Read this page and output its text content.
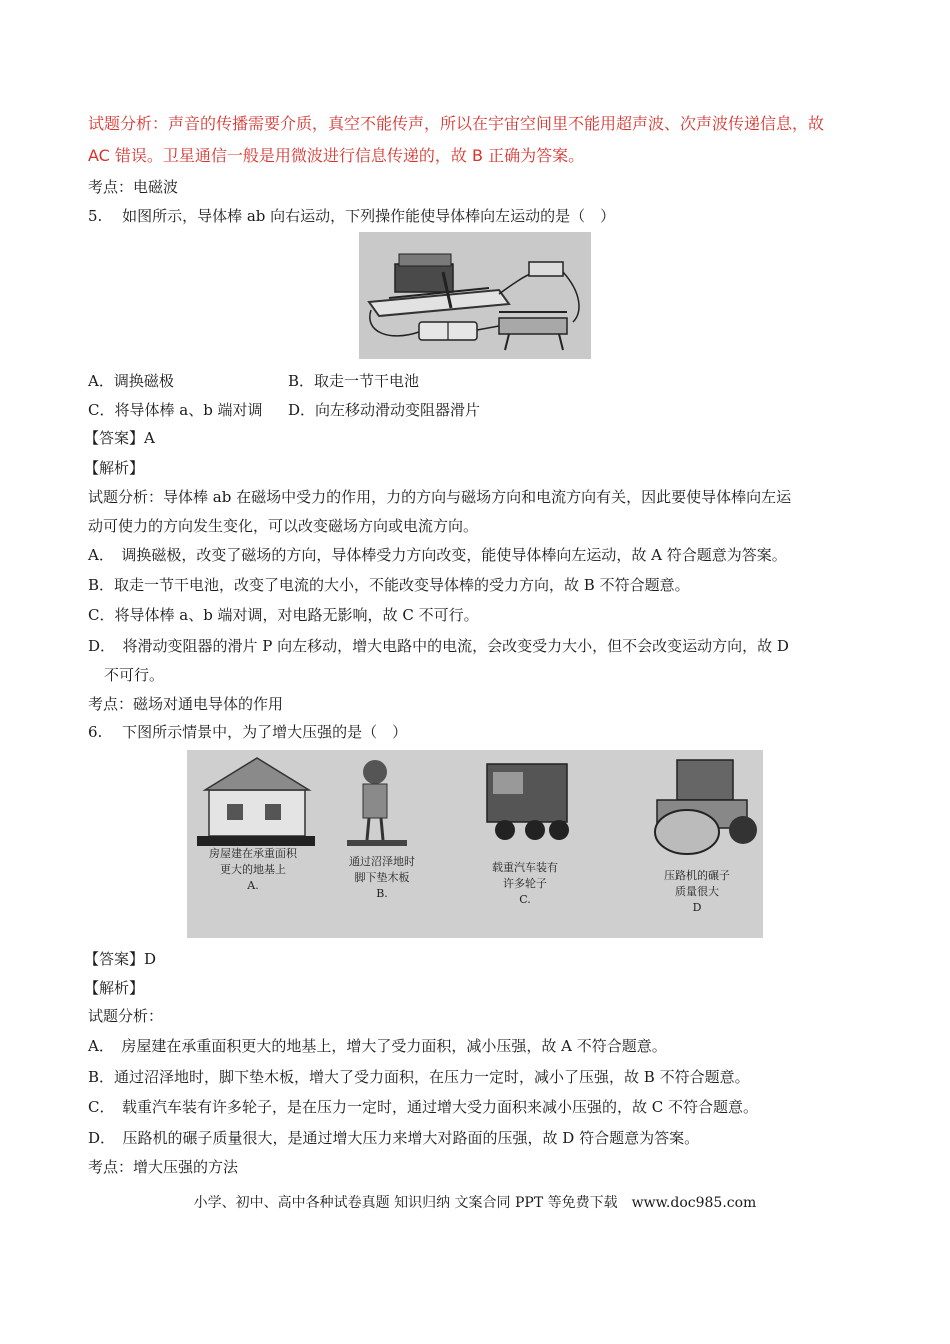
试题分析：声音的传播需要介质，真空不能传声，所以在宇宙空间里不能用超声波、次声波传递信息，故
AC 错误。卫星通信一般是用微波进行信息传递的，故 B 正确为答案。
考点：电磁波
5.　 如图所示，导体棒 ab 向右运动，下列操作能使导体棒向左运动的是（　）
A．调换磁极	B．取走一节干电池
C．将导体棒 a、b 端对调 D．向左移动滑动变阻器滑片
【答案】A
【解析】
试题分析：导体棒 ab 在磁场中受力的作用，力的方向与磁场方向和电流方向有关，因此要使导体棒向左运
动可使力的方向发生变化，可以改变磁场方向或电流方向。
A．　调换磁极，改变了磁场的方向，导体棒受力方向改变，能使导体棒向左运动，故 A 符合题意为答案。
B．取走一节干电池，改变了电流的大小，不能改变导体棒的受力方向，故 B 不符合题意。
C．将导体棒 a、b 端对调，对电路无影响，故 C 不可行。
D．　将滑动变阻器的滑片 P 向左移动，增大电路中的电流，会改变受力大小，但不会改变运动方向，故 D
不可行。
考点：磁场对通电导体的作用
6.　 下图所示情景中，为了增大压强的是（　）
房屋建在承重面积
更大的地基上
A.
通过沼泽地时
脚下垫木板
B.
载重汽车装有
许多轮子
C.
压路机的碾子
质量很大
D
【答案】D
【解析】
试题分析：
A．　房屋建在承重面积更大的地基上，增大了受力面积，减小压强，故 A 不符合题意。
B．通过沼泽地时，脚下垫木板，增大了受力面积，在压力一定时，减小了压强，故 B 不符合题意。
C．　载重汽车装有许多轮子，是在压力一定时，通过增大受力面积来减小压强的，故 C 不符合题意。
D．　压路机的碾子质量很大，是通过增大压力来增大对路面的压强，故 D 符合题意为答案。
考点：增大压强的方法
小学、初中、高中各种试卷真题 知识归纳 文案合同 PPT 等免费下载　www.doc985.com
